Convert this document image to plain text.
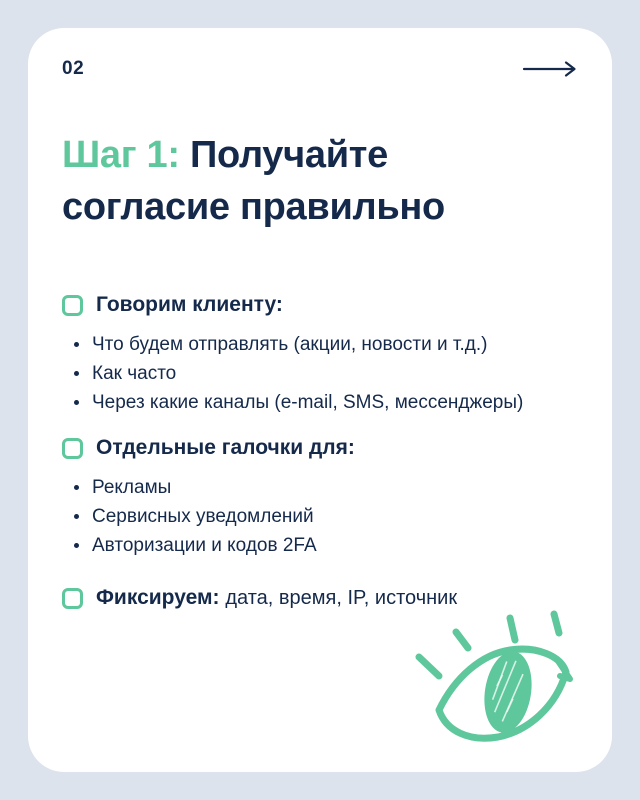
02
Шаг 1: Получайте
согласие правильно
Говорим клиенту:
Что будем отправлять (акции, новости и т.д.)
Как часто
Через какие каналы (e-mail, SMS, мессенджеры)
Отдельные галочки для:
Рекламы
Сервисных уведомлений
Авторизации и кодов 2FA
Фиксируем: дата, время, IP, источник
